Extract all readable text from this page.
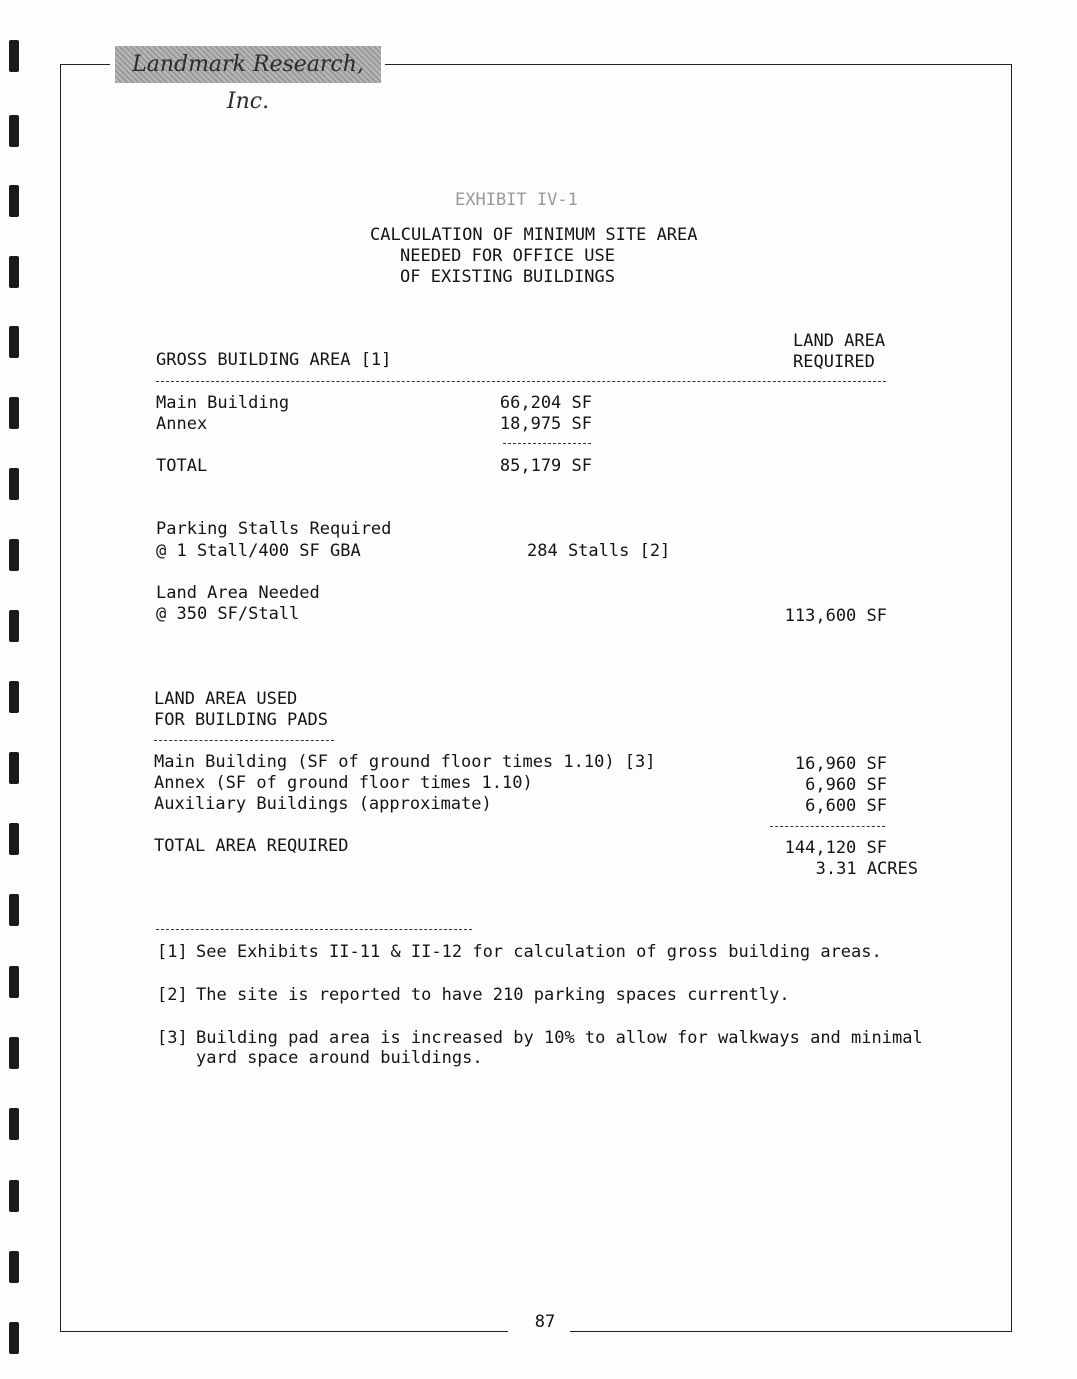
Landmark Research, Inc.
EXHIBIT IV-1
CALCULATION OF MINIMUM SITE AREA
NEEDED FOR OFFICE USE
OF EXISTING BUILDINGS
GROSS BUILDING AREA [1]
LAND AREA
REQUIRED
Main Building	66,204 SF
Annex	18,975 SF
TOTAL	85,179 SF
Parking Stalls Required
@ 1 Stall/400 SF GBA	284 Stalls [2]
Land Area Needed
@ 350 SF/Stall	113,600 SF
LAND AREA USED
FOR BUILDING PADS
Main Building (SF of ground floor times 1.10) [3]	16,960 SF
Annex (SF of ground floor times 1.10)	6,960 SF
Auxiliary Buildings (approximate)	6,600 SF
TOTAL AREA REQUIRED	144,120 SF
3.31 ACRES
[1] See Exhibits II-11 & II-12 for calculation of gross building areas.
[2] The site is reported to have 210 parking spaces currently.
[3] Building pad area is increased by 10% to allow for walkways and minimal
yard space around buildings.
87
